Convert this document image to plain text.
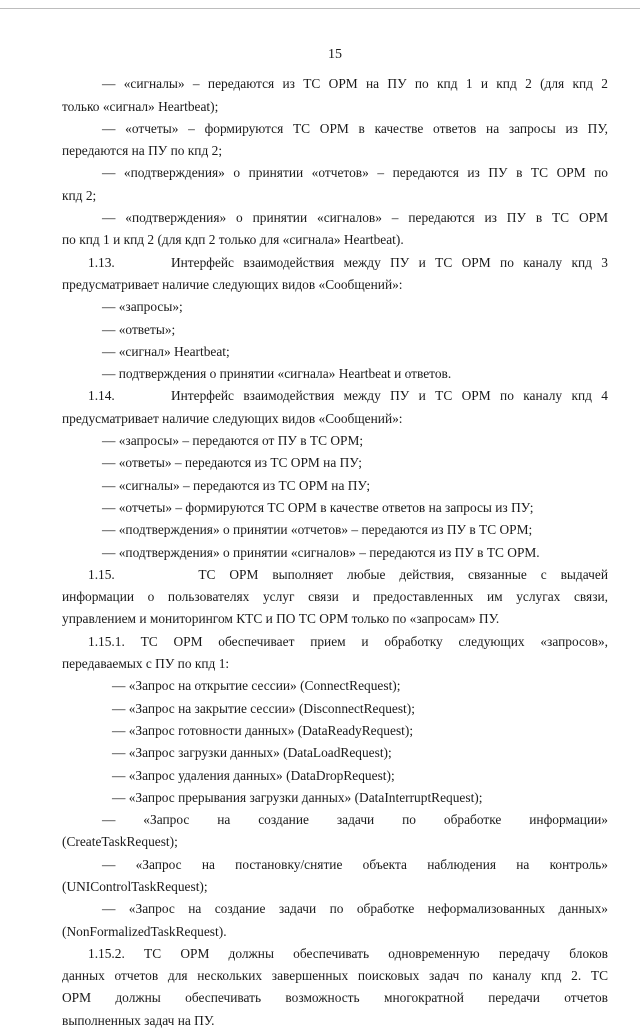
15

— «сигналы» – передаются из ТС ОРМ на ПУ по кпд 1 и кпд 2 (для кпд 2

только «сигнал» Heartbeat);

— «отчеты» – формируются ТС ОРМ в качестве ответов на запросы из ПУ,

передаются на ПУ по кпд 2;

— «подтверждения» о принятии «отчетов» – передаются из ПУ в ТС ОРМ по

кпд 2;

— «подтверждения» о принятии «сигналов» – передаются из ПУ в ТС ОРМ

по кпд 1 и кпд 2 (для кдп 2 только для «сигнала» Heartbeat).

1.13.      Интерфейс взаимодействия между ПУ и ТС ОРМ по каналу кпд 3

предусматривает наличие следующих видов «Сообщений»:

— «запросы»;

— «ответы»;

— «сигнал» Heartbeat;

— подтверждения о принятии «сигнала» Heartbeat и ответов.

1.14.      Интерфейс взаимодействия между ПУ и ТС ОРМ по каналу кпд 4

предусматривает наличие следующих видов «Сообщений»:

— «запросы» – передаются от ПУ в ТС ОРМ;

— «ответы» – передаются из ТС ОРМ на ПУ;

— «сигналы» – передаются из ТС ОРМ на ПУ;

— «отчеты» – формируются ТС ОРМ в качестве ответов на запросы из ПУ;

— «подтверждения» о принятии «отчетов» – передаются из ПУ в ТС ОРМ;

— «подтверждения» о принятии «сигналов» – передаются из ПУ в ТС ОРМ.

1.15.      ТС ОРМ выполняет любые действия, связанные с выдачей

информации о пользователях услуг связи и предоставленных им услугах связи,

управлением и мониторингом КТС и ПО ТС ОРМ только по «запросам» ПУ.

1.15.1. ТС ОРМ обеспечивает прием и обработку следующих «запросов»,

передаваемых с ПУ по кпд 1:

— «Запрос на открытие сессии» (ConnectRequest);

— «Запрос на закрытие сессии» (DisconnectRequest);

— «Запрос готовности данных» (DataReadyRequest);

— «Запрос загрузки данных» (DataLoadRequest);

— «Запрос удаления данных» (DataDropRequest);

— «Запрос прерывания загрузки данных» (DataInterruptRequest);

— «Запрос на создание задачи по обработке информации»

(CreateTaskRequest);

— «Запрос на постановку/снятие объекта наблюдения на контроль»

(UNIControlTaskRequest);

— «Запрос на создание задачи по обработке неформализованных данных»

(NonFormalizedTaskRequest).

1.15.2. ТС ОРМ должны обеспечивать одновременную передачу блоков

данных отчетов для нескольких завершенных поисковых задач по каналу кпд 2. ТС

ОРМ должны обеспечивать возможность многократной передачи отчетов

выполненных задач на ПУ.
